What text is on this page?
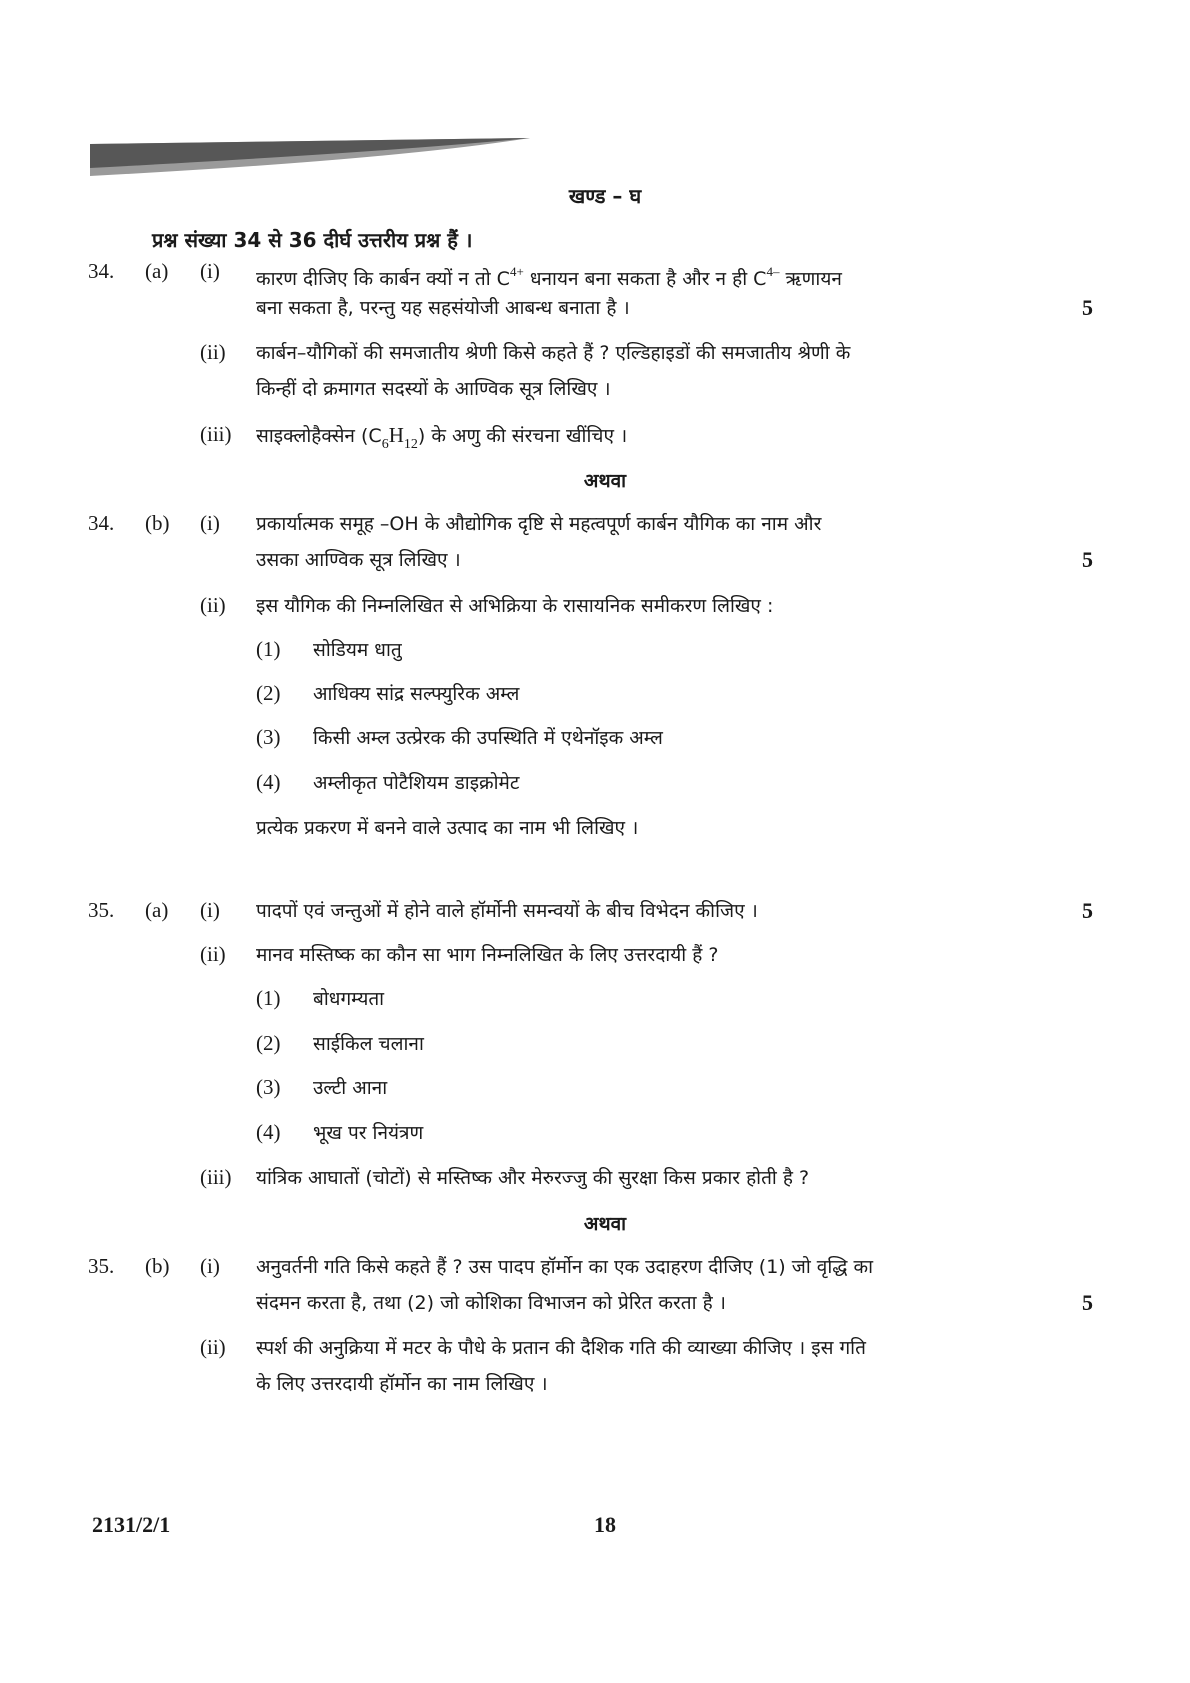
खण्ड – घ
प्रश्न संख्या 34 से 36 दीर्घ उत्तरीय प्रश्न हैं ।
34. (a) (i) कारण दीजिए कि कार्बन क्यों न तो $C^{4+}$ धनायन बना सकता है और न ही $C^{4-}$ ऋणायन
बना सकता है, परन्तु यह सहसंयोजी आबन्ध बनाता है ।	5
(ii) कार्बन–यौगिकों की समजातीय श्रेणी किसे कहते हैं ? एल्डिहाइडों की समजातीय श्रेणी के
किन्हीं दो क्रमागत सदस्यों के आण्विक सूत्र लिखिए ।
(iii) साइक्लोहैक्सेन $(C_6H_{12})$ के अणु की संरचना खींचिए ।
अथवा
34. (b) (i) प्रकार्यात्मक समूह –OH के औद्योगिक दृष्टि से महत्वपूर्ण कार्बन यौगिक का नाम और
उसका आण्विक सूत्र लिखिए ।	5
(ii) इस यौगिक की निम्नलिखित से अभिक्रिया के रासायनिक समीकरण लिखिए :
(1) सोडियम धातु
(2) आधिक्य सांद्र सल्फ्युरिक अम्ल
(3) किसी अम्ल उत्प्रेरक की उपस्थिति में एथेनॉइक अम्ल
(4) अम्लीकृत पोटैशियम डाइक्रोमेट
प्रत्येक प्रकरण में बनने वाले उत्पाद का नाम भी लिखिए ।
35. (a) (i) पादपों एवं जन्तुओं में होने वाले हॉर्मोनी समन्वयों के बीच विभेदन कीजिए ।	5
(ii) मानव मस्तिष्क का कौन सा भाग निम्नलिखित के लिए उत्तरदायी हैं ?
(1) बोधगम्यता
(2) साईकिल चलाना
(3) उल्टी आना
(4) भूख पर नियंत्रण
(iii) यांत्रिक आघातों (चोटों) से मस्तिष्क और मेरुरज्जु की सुरक्षा किस प्रकार होती है ?
अथवा
35. (b) (i) अनुवर्तनी गति किसे कहते हैं ? उस पादप हॉर्मोन का एक उदाहरण दीजिए (1) जो वृद्धि का
संदमन करता है, तथा (2) जो कोशिका विभाजन को प्रेरित करता है ।	5
(ii) स्पर्श की अनुक्रिया में मटर के पौधे के प्रतान की दैशिक गति की व्याख्या कीजिए । इस गति
के लिए उत्तरदायी हॉर्मोन का नाम लिखिए ।
2131/2/1	18
